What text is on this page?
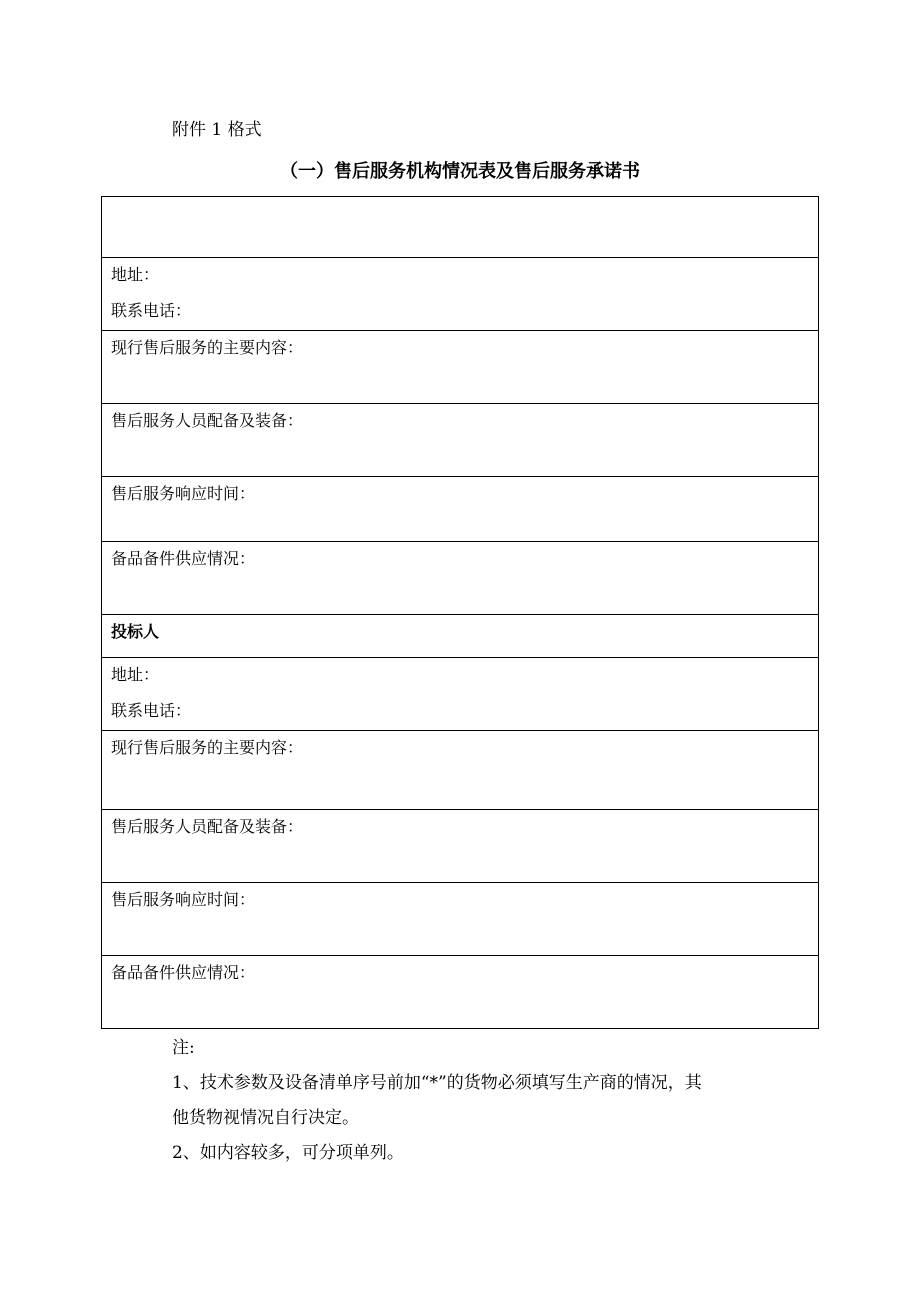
附件 1 格式
（一）售后服务机构情况表及售后服务承诺书
地址：
联系电话：
现行售后服务的主要内容：
售后服务人员配备及装备：
售后服务响应时间：
备品备件供应情况：
投标人
地址：
联系电话：
现行售后服务的主要内容：
售后服务人员配备及装备：
售后服务响应时间：
备品备件供应情况：
注:
1、技术参数及设备清单序号前加“*”的货物必须填写生产商的情况，其
他货物视情况自行决定。
2、如内容较多，可分项单列。
